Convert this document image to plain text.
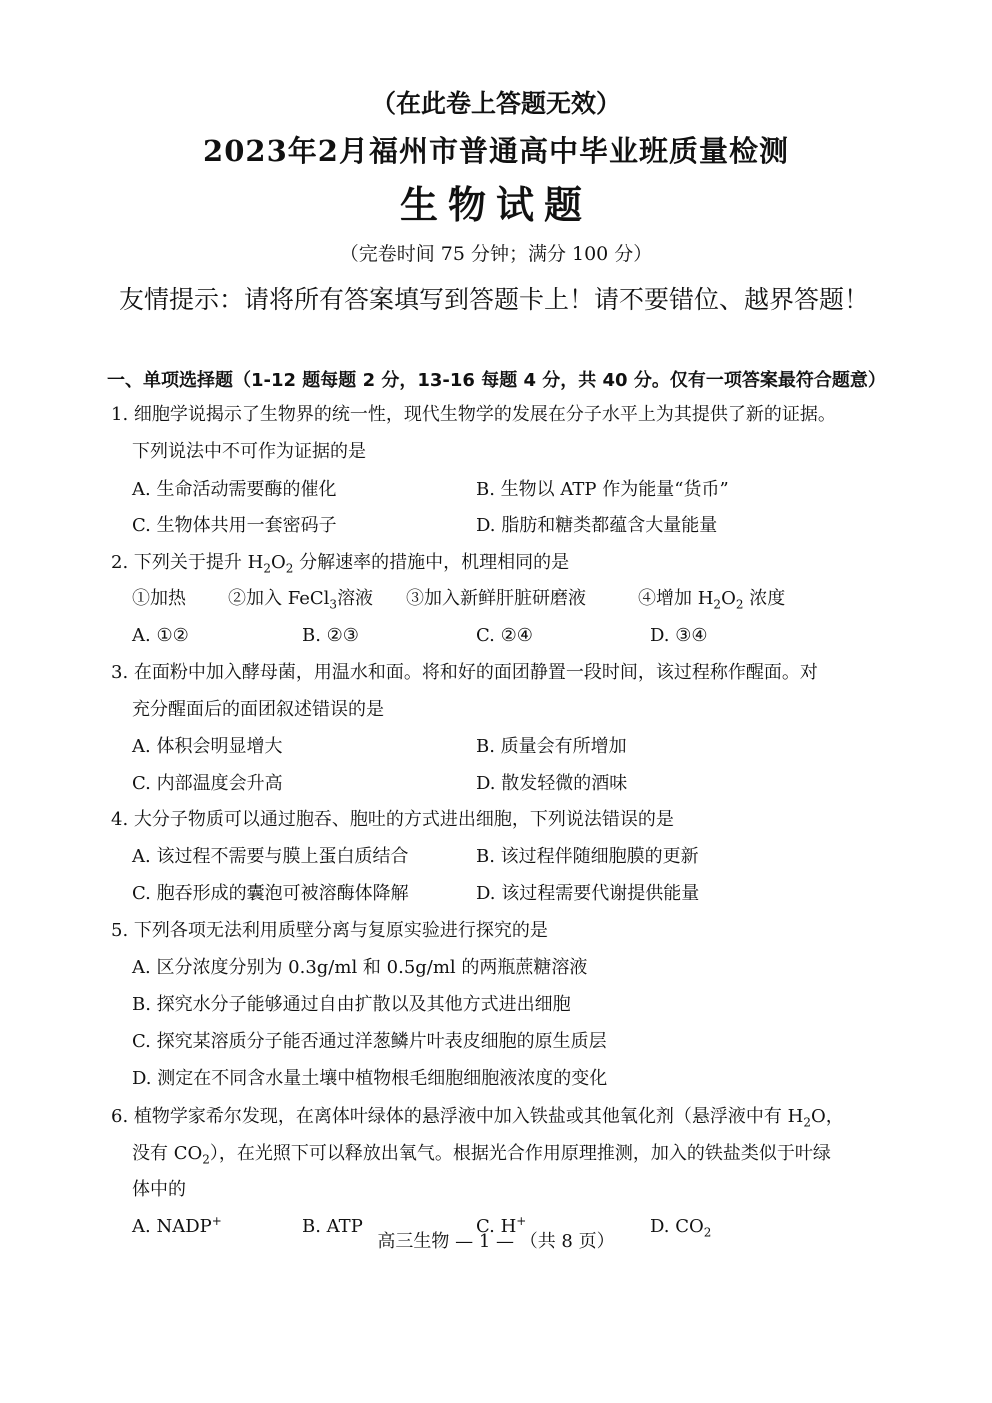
（在此卷上答题无效）
2023年2月福州市普通高中毕业班质量检测
生物试题
（完卷时间 75 分钟；满分 100 分）
友情提示：请将所有答案填写到答题卡上！请不要错位、越界答题！
一、单项选择题（1-12 题每题 2 分，13-16 每题 4 分，共 40 分。仅有一项答案最符合题意）
1. 细胞学说揭示了生物界的统一性，现代生物学的发展在分子水平上为其提供了新的证据。
下列说法中不可作为证据的是
A. 生命活动需要酶的催化	B. 生物以 ATP 作为能量“货币”
C. 生物体共用一套密码子	D. 脂肪和糖类都蕴含大量能量
2. 下列关于提升 $H_2O_2$ 分解速率的措施中，机理相同的是
①加热 ②加入 FeCl$_3$溶液 ③加入新鲜肝脏研磨液	④增加 $H_2O_2$ 浓度
A. ①②	B. ②③	C. ②④	D. ③④
3. 在面粉中加入酵母菌，用温水和面。将和好的面团静置一段时间，该过程称作醒面。对
充分醒面后的面团叙述错误的是
A. 体积会明显增大	B. 质量会有所增加
C. 内部温度会升高	D. 散发轻微的酒味
4. 大分子物质可以通过胞吞、胞吐的方式进出细胞，下列说法错误的是
A. 该过程不需要与膜上蛋白质结合	B. 该过程伴随细胞膜的更新
C. 胞吞形成的囊泡可被溶酶体降解	D. 该过程需要代谢提供能量
5. 下列各项无法利用质壁分离与复原实验进行探究的是
A. 区分浓度分别为 0.3g/ml 和 0.5g/ml 的两瓶蔗糖溶液
B. 探究水分子能够通过自由扩散以及其他方式进出细胞
C. 探究某溶质分子能否通过洋葱鳞片叶表皮细胞的原生质层
D. 测定在不同含水量土壤中植物根毛细胞细胞液浓度的变化
6. 植物学家希尔发现，在离体叶绿体的悬浮液中加入铁盐或其他氧化剂（悬浮液中有 $H_2O$，
没有 $CO_2$），在光照下可以释放出氧气。根据光合作用原理推测，加入的铁盐类似于叶绿
体中的
A. NADP+	B. ATP	C. H+	D. $CO_2$
高三生物 — 1 — （共 8 页）
